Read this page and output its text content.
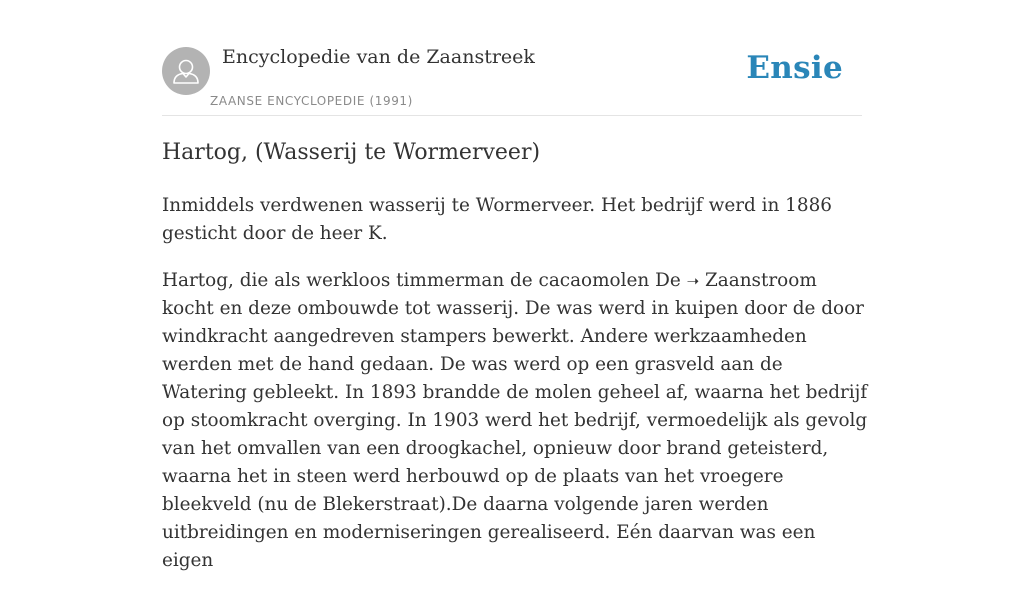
Encyclopedie van de Zaanstreek
ZAANSE ENCYCLOPEDIE (1991)
Ensie
Hartog, (Wasserij te Wormerveer)

Inmiddels verdwenen wasserij te Wormerveer. Het bedrijf werd in 1886 gesticht door de heer K.

Hartog, die als werkloos timmerman de cacaomolen De ➝ Zaanstroom kocht en deze ombouwde tot wasserij. De was werd in kuipen door de door windkracht aangedreven stampers bewerkt. Andere werkzaamheden werden met de hand gedaan. De was werd op een grasveld aan de Watering gebleekt. In 1893 brandde de molen geheel af, waarna het bedrijf op stoomkracht overging. In 1903 werd het bedrijf, vermoedelijk als gevolg van het omvallen van een droogkachel, opnieuw door brand geteisterd, waarna het in steen werd herbouwd op de plaats van het vroegere bleekveld (nu de Blekerstraat).De daarna volgende jaren werden uitbreidingen en moderniseringen gerealiseerd. Eén daarvan was een eigen
